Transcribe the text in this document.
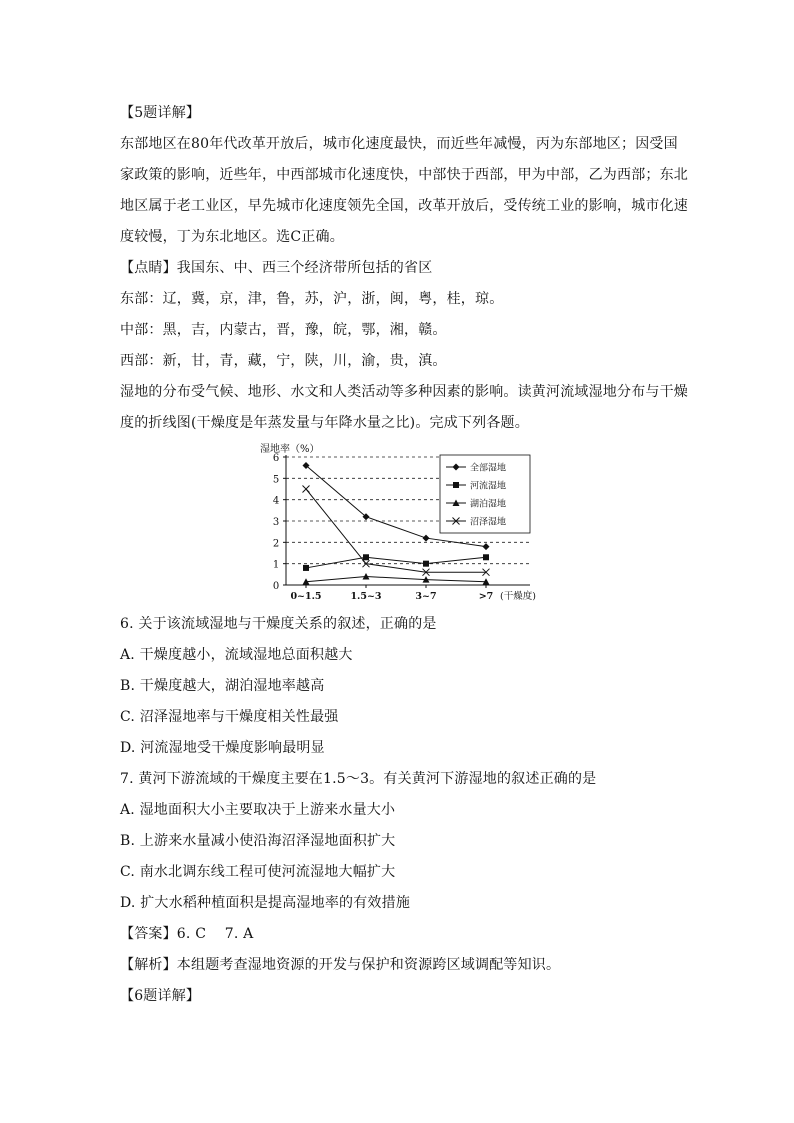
【5题详解】
东部地区在80年代改革开放后，城市化速度最快，而近些年减慢，丙为东部地区；因受国
家政策的影响，近些年，中西部城市化速度快，中部快于西部，甲为中部，乙为西部；东北
地区属于老工业区，早先城市化速度领先全国，改革开放后，受传统工业的影响，城市化速
度较慢，丁为东北地区。选C正确。
【点睛】我国东、中、西三个经济带所包括的省区
东部：辽，冀，京，津，鲁，苏，沪，浙，闽，粤，桂，琼。
中部：黑，吉，内蒙古，晋，豫，皖，鄂，湘，赣。
西部：新，甘，青，藏，宁，陕，川，渝，贵，滇。
湿地的分布受气候、地形、水文和人类活动等多种因素的影响。读黄河流域湿地分布与干燥
度的折线图(干燥度是年蒸发量与年降水量之比)。完成下列各题。
湿地率（%）
0
1
2
3
4
5
6
0~1.5	1.5~3	3~7	>7 (干燥度)
全部湿地
河流湿地
湖泊湿地
沼泽湿地
6. 关于该流域湿地与干燥度关系的叙述，正确的是
A. 干燥度越小，流域湿地总面积越大
B. 干燥度越大，湖泊湿地率越高
C. 沼泽湿地率与干燥度相关性最强
D. 河流湿地受干燥度影响最明显
7. 黄河下游流域的干燥度主要在1.5～3。有关黄河下游湿地的叙述正确的是
A. 湿地面积大小主要取决于上游来水量大小
B. 上游来水量减小使沿海沼泽湿地面积扩大
C. 南水北调东线工程可使河流湿地大幅扩大
D. 扩大水稻种植面积是提高湿地率的有效措施
【答案】6. C    7. A
【解析】本组题考查湿地资源的开发与保护和资源跨区域调配等知识。
【6题详解】
